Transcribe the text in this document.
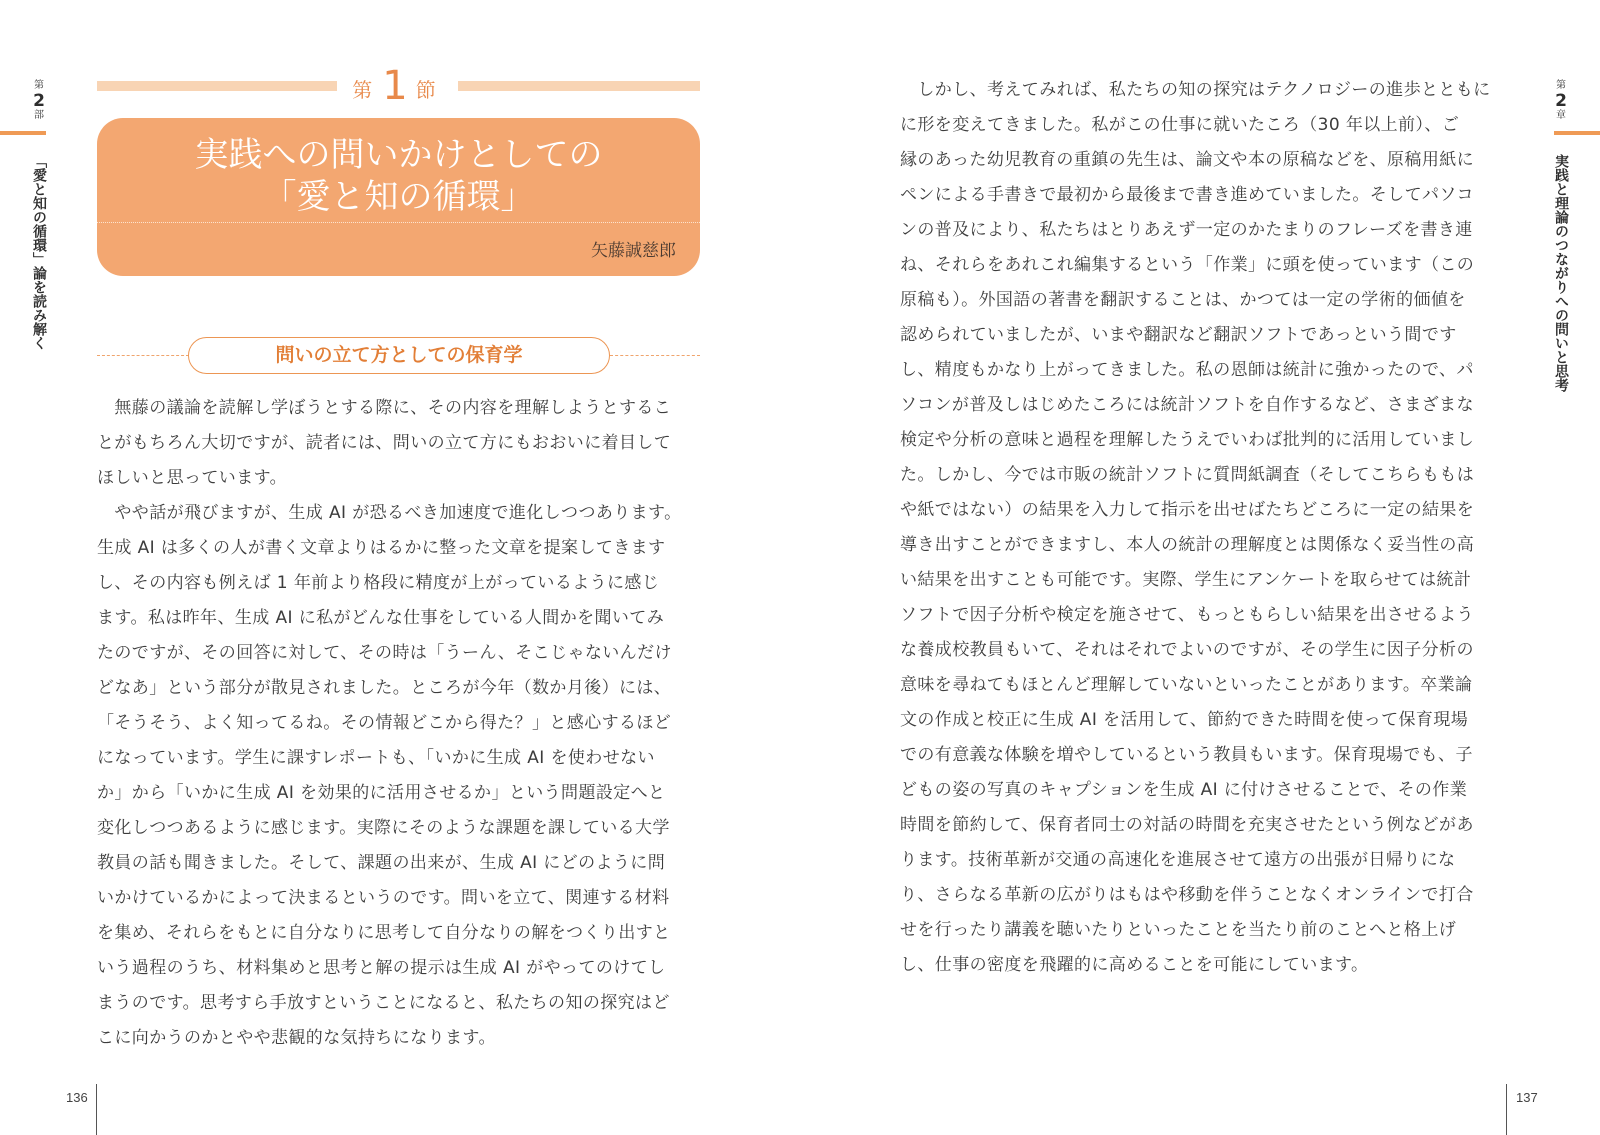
第
2
部
「愛と知の循環」論を読み解く
第1節
実践への問いかけとしての
「愛と知の循環」
矢藤誠慈郎
問いの立て方としての保育学
　無藤の議論を読解し学ぼうとする際に、その内容を理解しようとするこ
とがもちろん大切ですが、読者には、問いの立て方にもおおいに着目して
ほしいと思っています。
　やや話が飛びますが、生成 AI が恐るべき加速度で進化しつつあります。
生成 AI は多くの人が書く文章よりはるかに整った文章を提案してきます
し、その内容も例えば 1 年前より格段に精度が上がっているように感じ
ます。私は昨年、生成 AI に私がどんな仕事をしている人間かを聞いてみ
たのですが、その回答に対して、その時は「うーん、そこじゃないんだけ
どなあ」という部分が散見されました。ところが今年（数か月後）には、
「そうそう、よく知ってるね。その情報どこから得た？」と感心するほど
になっています。学生に課すレポートも、「いかに生成 AI を使わせない
か」から「いかに生成 AI を効果的に活用させるか」という問題設定へと
変化しつつあるように感じます。実際にそのような課題を課している大学
教員の話も聞きました。そして、課題の出来が、生成 AI にどのように問
いかけているかによって決まるというのです。問いを立て、関連する材料
を集め、それらをもとに自分なりに思考して自分なりの解をつくり出すと
いう過程のうち、材料集めと思考と解の提示は生成 AI がやってのけてし
まうのです。思考すら手放すということになると、私たちの知の探究はど
こに向かうのかとやや悲観的な気持ちになります。
136
　しかし、考えてみれば、私たちの知の探究はテクノロジーの進歩とともに
に形を変えてきました。私がこの仕事に就いたころ（30 年以上前）、ご
縁のあった幼児教育の重鎮の先生は、論文や本の原稿などを、原稿用紙に
ペンによる手書きで最初から最後まで書き進めていました。そしてパソコ
ンの普及により、私たちはとりあえず一定のかたまりのフレーズを書き連
ね、それらをあれこれ編集するという「作業」に頭を使っています（この
原稿も）。外国語の著書を翻訳することは、かつては一定の学術的価値を
認められていましたが、いまや翻訳など翻訳ソフトであっという間です
し、精度もかなり上がってきました。私の恩師は統計に強かったので、パ
ソコンが普及しはじめたころには統計ソフトを自作するなど、さまざまな
検定や分析の意味と過程を理解したうえでいわば批判的に活用していまし
た。しかし、今では市販の統計ソフトに質問紙調査（そしてこちらももは
や紙ではない）の結果を入力して指示を出せばたちどころに一定の結果を
導き出すことができますし、本人の統計の理解度とは関係なく妥当性の高
い結果を出すことも可能です。実際、学生にアンケートを取らせては統計
ソフトで因子分析や検定を施させて、もっともらしい結果を出させるよう
な養成校教員もいて、それはそれでよいのですが、その学生に因子分析の
意味を尋ねてもほとんど理解していないといったことがあります。卒業論
文の作成と校正に生成 AI を活用して、節約できた時間を使って保育現場
での有意義な体験を増やしているという教員もいます。保育現場でも、子
どもの姿の写真のキャプションを生成 AI に付けさせることで、その作業
時間を節約して、保育者同士の対話の時間を充実させたという例などがあ
ります。技術革新が交通の高速化を進展させて遠方の出張が日帰りにな
り、さらなる革新の広がりはもはや移動を伴うことなくオンラインで打合
せを行ったり講義を聴いたりといったことを当たり前のことへと格上げ
し、仕事の密度を飛躍的に高めることを可能にしています。
第
2
章
実践と理論のつながりへの問いと思考
137
